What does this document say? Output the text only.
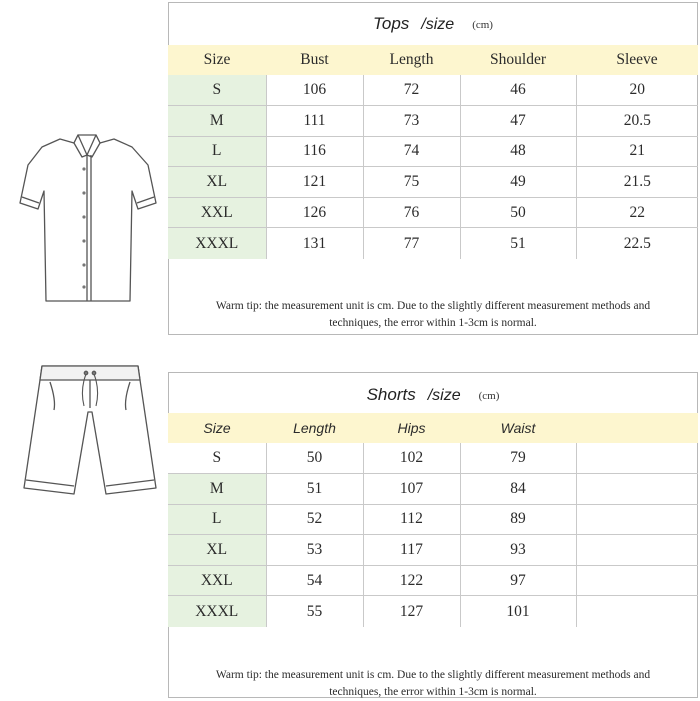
Tops /size (cm)
Size	Bust	Length	Shoulder	Sleeve
S	106	72	46	20
M	111	73	47	20.5
L	116	74	48	21
XL	121	75	49	21.5
XXL	126	76	50	22
XXXL	131	77	51	22.5
Warm tip: the measurement unit is cm. Due to the slightly different measurement methods and
techniques, the error within 1-3cm is normal.
Shorts /size (cm)
Size	Length	Hips	Waist	
S	50	102	79	
M	51	107	84	
L	52	112	89	
XL	53	117	93	
XXL	54	122	97	
XXXL	55	127	101	
Warm tip: the measurement unit is cm. Due to the slightly different measurement methods and
techniques, the error within 1-3cm is normal.
